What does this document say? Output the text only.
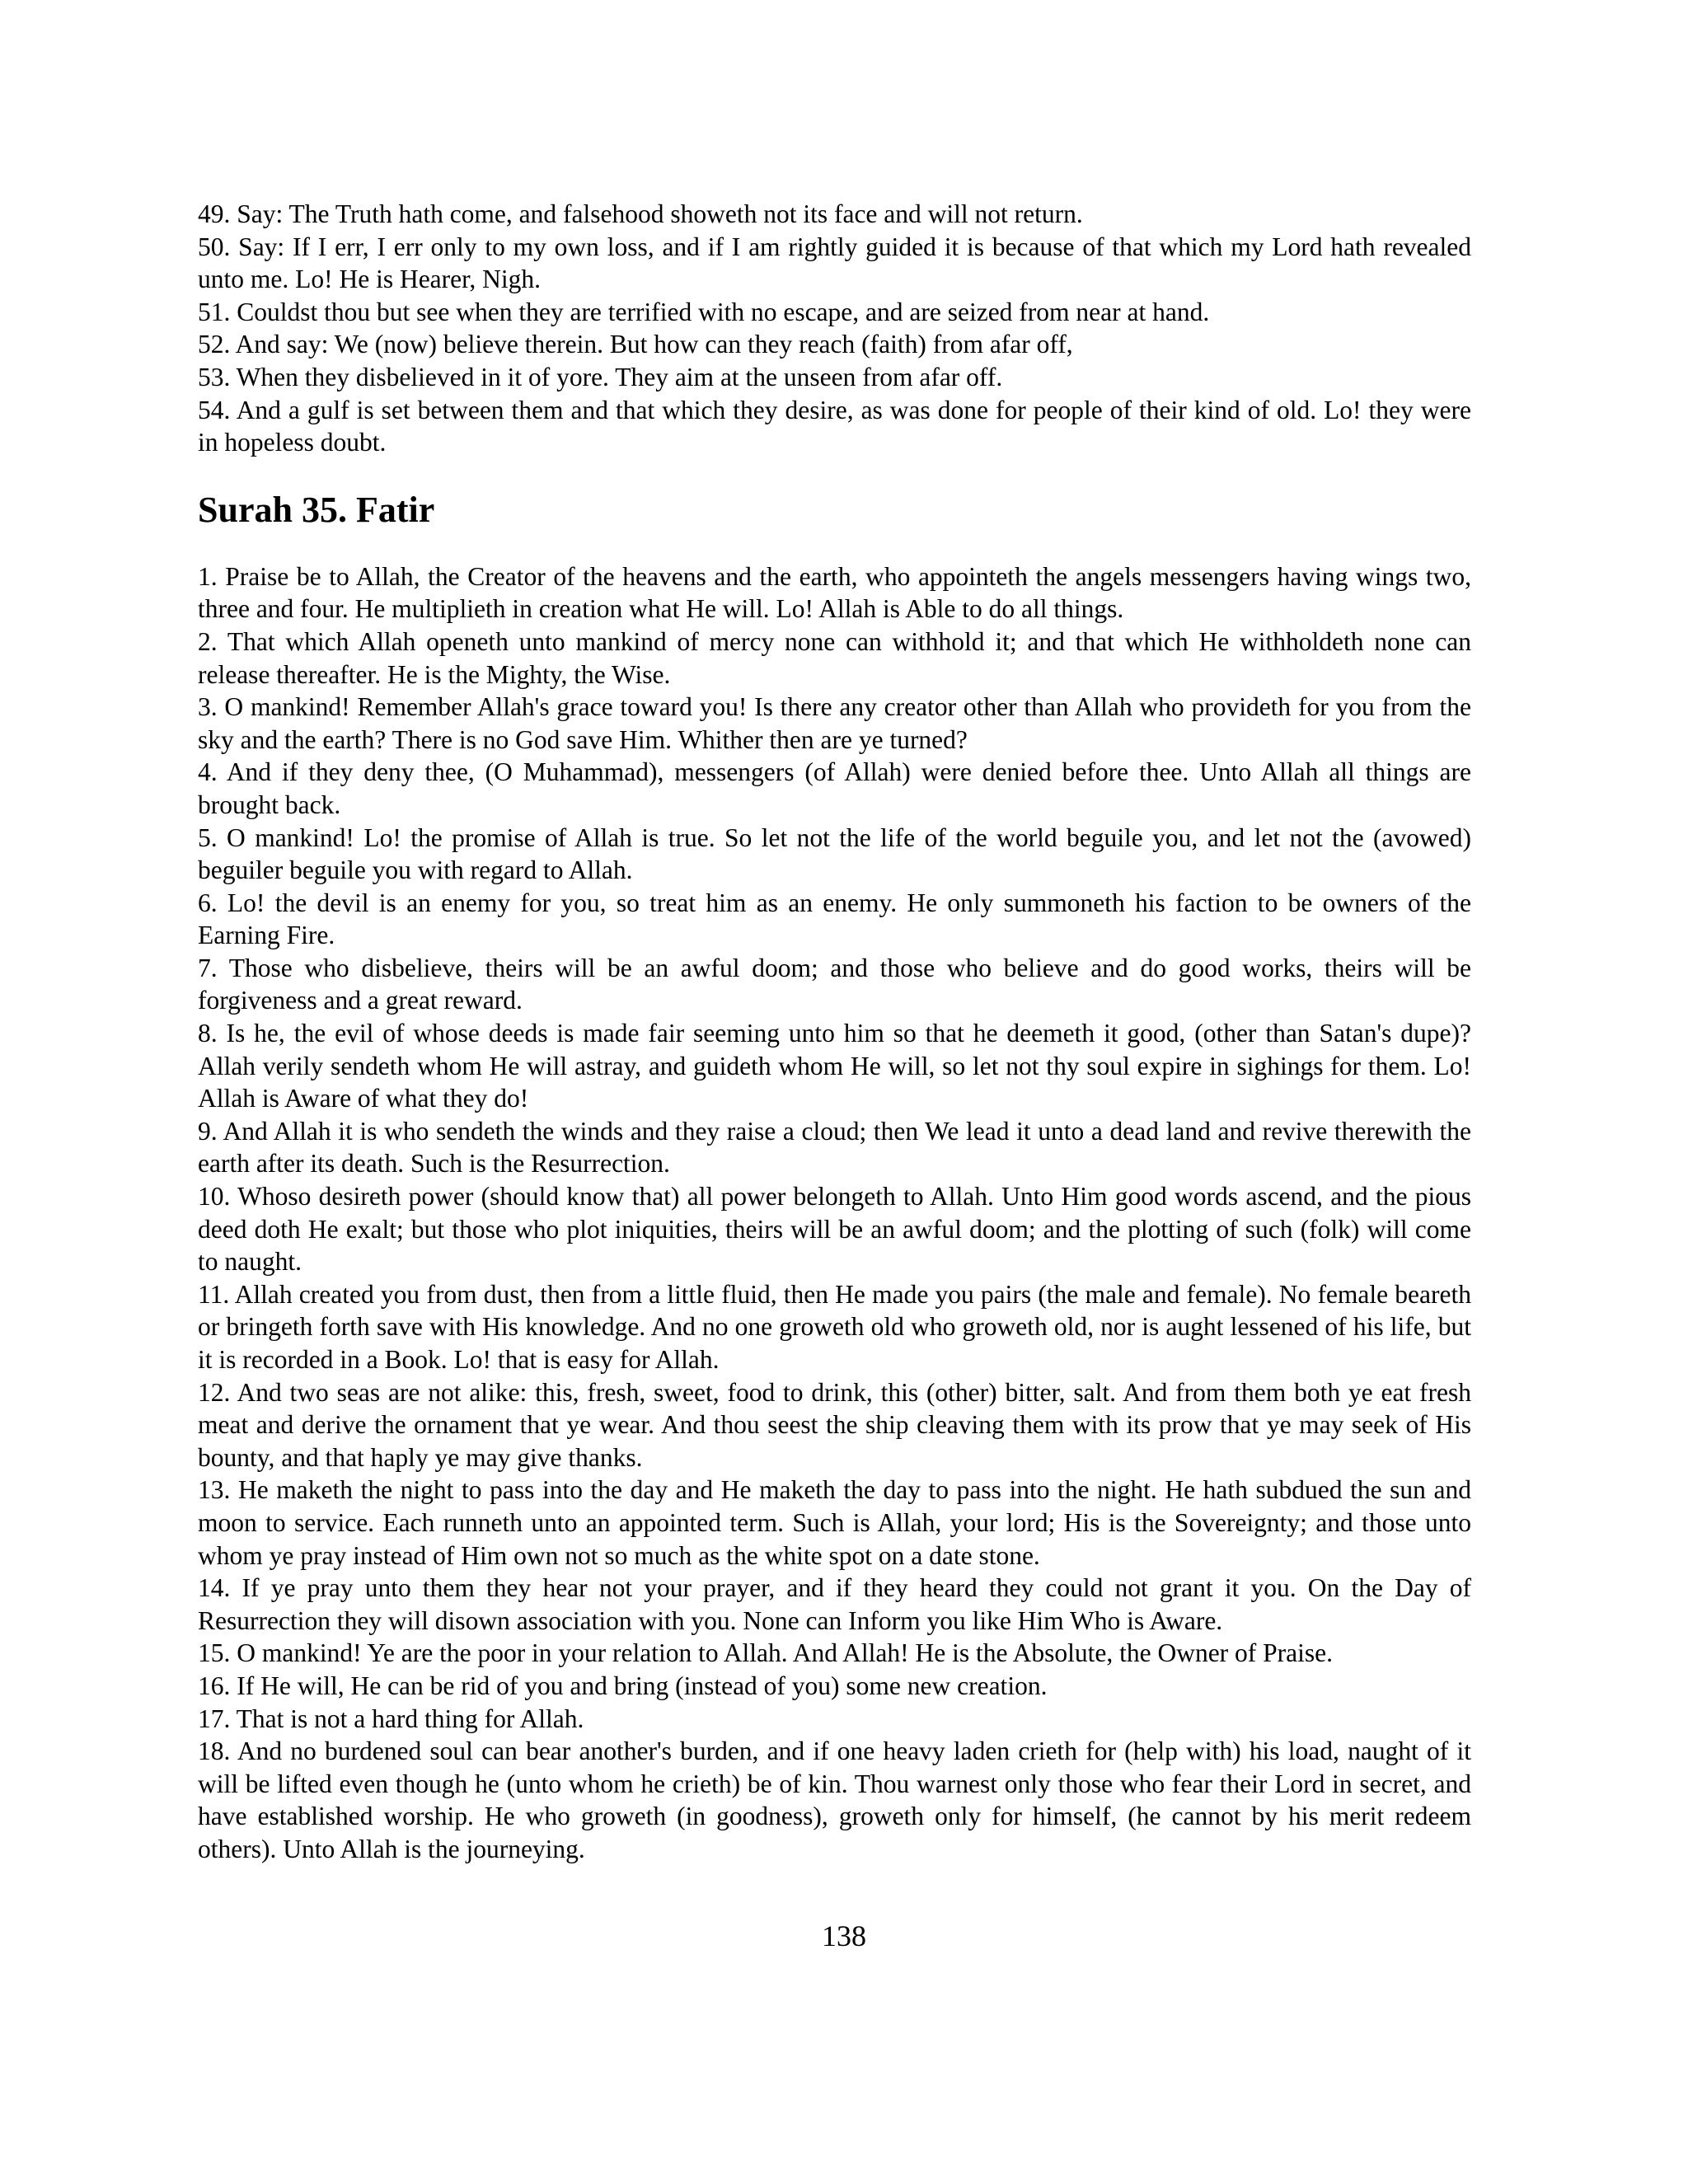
49. Say: The Truth hath come, and falsehood showeth not its face and will not return.

50. Say: If I err, I err only to my own loss, and if I am rightly guided it is because of that which my Lord hath revealed unto me. Lo! He is Hearer, Nigh.

51. Couldst thou but see when they are terrified with no escape, and are seized from near at hand.

52. And say: We (now) believe therein. But how can they reach (faith) from afar off,

53. When they disbelieved in it of yore. They aim at the unseen from afar off.

54. And a gulf is set between them and that which they desire, as was done for people of their kind of old. Lo! they were in hopeless doubt.

Surah 35. Fatir

1. Praise be to Allah, the Creator of the heavens and the earth, who appointeth the angels messengers having wings two, three and four. He multiplieth in creation what He will. Lo! Allah is Able to do all things.

2. That which Allah openeth unto mankind of mercy none can withhold it; and that which He withholdeth none can release thereafter. He is the Mighty, the Wise.

3. O mankind! Remember Allah's grace toward you! Is there any creator other than Allah who provideth for you from the sky and the earth? There is no God save Him. Whither then are ye turned?

4. And if they deny thee, (O Muhammad), messengers (of Allah) were denied before thee. Unto Allah all things are brought back.

5. O mankind! Lo! the promise of Allah is true. So let not the life of the world beguile you, and let not the (avowed) beguiler beguile you with regard to Allah.

6. Lo! the devil is an enemy for you, so treat him as an enemy. He only summoneth his faction to be owners of the Earning Fire.

7. Those who disbelieve, theirs will be an awful doom; and those who believe and do good works, theirs will be forgiveness and a great reward.

8. Is he, the evil of whose deeds is made fair seeming unto him so that he deemeth it good, (other than Satan's dupe)? Allah verily sendeth whom He will astray, and guideth whom He will, so let not thy soul expire in sighings for them. Lo! Allah is Aware of what they do!

9. And Allah it is who sendeth the winds and they raise a cloud; then We lead it unto a dead land and revive therewith the earth after its death. Such is the Resurrection.

10. Whoso desireth power (should know that) all power belongeth to Allah. Unto Him good words ascend, and the pious deed doth He exalt; but those who plot iniquities, theirs will be an awful doom; and the plotting of such (folk) will come to naught.

11. Allah created you from dust, then from a little fluid, then He made you pairs (the male and female). No female beareth or bringeth forth save with His knowledge. And no one groweth old who groweth old, nor is aught lessened of his life, but it is recorded in a Book. Lo! that is easy for Allah.

12. And two seas are not alike: this, fresh, sweet, food to drink, this (other) bitter, salt. And from them both ye eat fresh meat and derive the ornament that ye wear. And thou seest the ship cleaving them with its prow that ye may seek of His bounty, and that haply ye may give thanks.

13. He maketh the night to pass into the day and He maketh the day to pass into the night. He hath subdued the sun and moon to service. Each runneth unto an appointed term. Such is Allah, your lord; His is the Sovereignty; and those unto whom ye pray instead of Him own not so much as the white spot on a date stone.

14. If ye pray unto them they hear not your prayer, and if they heard they could not grant it you. On the Day of Resurrection they will disown association with you. None can Inform you like Him Who is Aware.

15. O mankind! Ye are the poor in your relation to Allah. And Allah! He is the Absolute, the Owner of Praise.

16. If He will, He can be rid of you and bring (instead of you) some new creation.

17. That is not a hard thing for Allah.

18. And no burdened soul can bear another's burden, and if one heavy laden crieth for (help with) his load, naught of it will be lifted even though he (unto whom he crieth) be of kin. Thou warnest only those who fear their Lord in secret, and have established worship. He who groweth (in goodness), groweth only for himself, (he cannot by his merit redeem others). Unto Allah is the journeying.

138
